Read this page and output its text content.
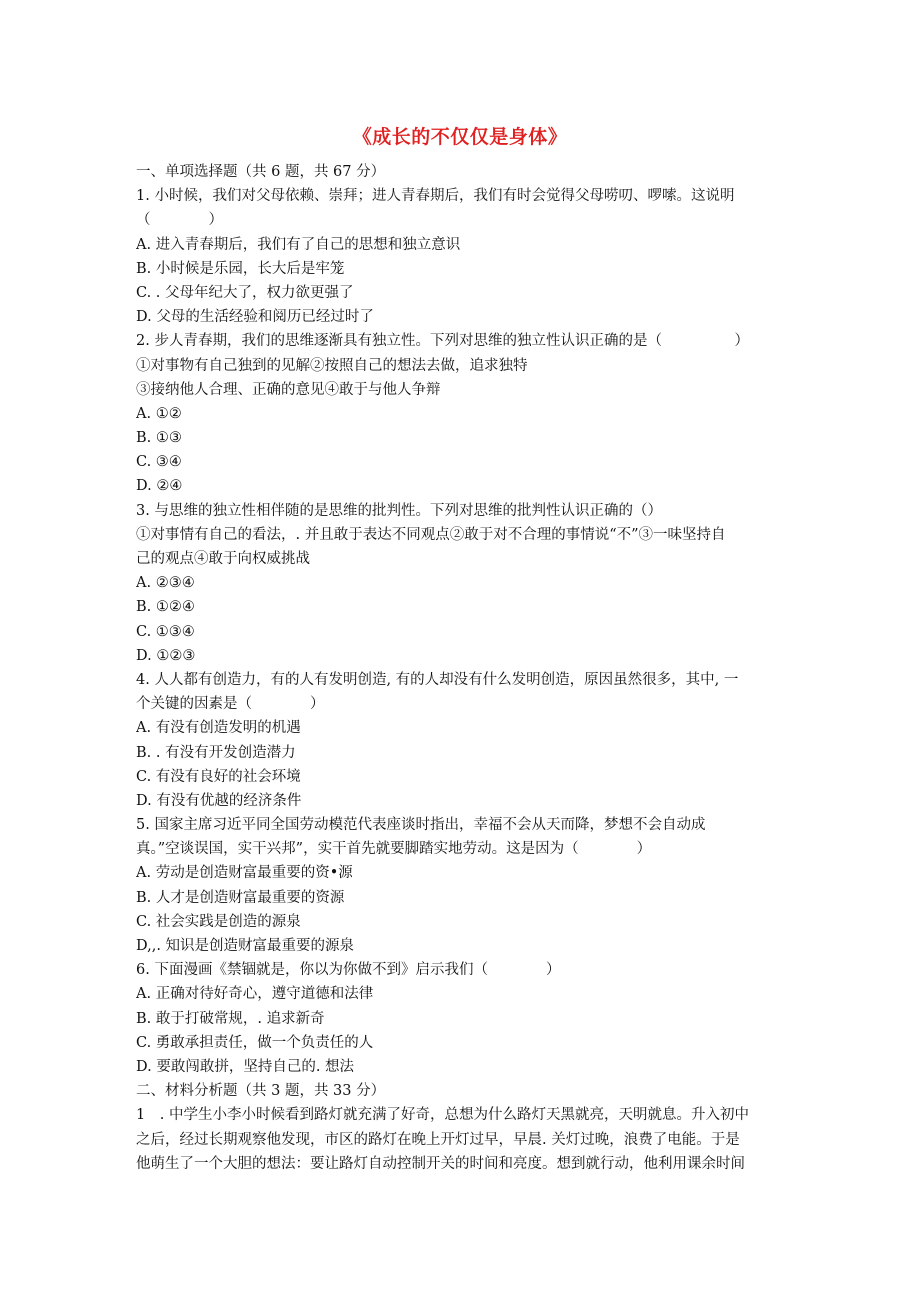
《成长的不仅仅是身体》
一、单项选择题（共 6 题，共 67 分）
1. 小时候，我们对父母依赖、崇拜；进人青春期后，我们有时会觉得父母唠叨、啰嗦。这说明
（　　　　）
A. 进入青春期后，我们有了自己的思想和独立意识
B. 小时候是乐园，长大后是牢笼
C. . 父母年纪大了，权力欲更强了
D. 父母的生活经验和阅历已经过时了
2. 步人青春期，我们的思维逐渐具有独立性。下列对思维的独立性认识正确的是（　　　　　）
①对事物有自己独到的见解②按照自己的想法去做，追求独特
③接纳他人合理、正确的意见④敢于与他人争辩
A. ①②
B. ①③
C. ③④
D. ②④
3. 与思维的独立性相伴随的是思维的批判性。下列对思维的批判性认识正确的（）
①对事情有自己的看法，. 并且敢于表达不同观点②敢于对不合理的事情说“不”③一味坚持自
己的观点④敢于向权威挑战
A. ②③④
B. ①②④
C. ①③④
D. ①②③
4. 人人都有创造力，有的人有发明创造, 有的人却没有什么发明创造，原因虽然很多，其中, 一
个关键的因素是（　　　　）
A. 有没有创造发明的机遇
B. . 有没有开发创造潜力
C. 有没有良好的社会环境
D. 有没有优越的经济条件
5. 国家主席习近平同全国劳动模范代表座谈时指出，幸福不会从天而降，梦想不会自动成
真。”空谈误国，实干兴邦”，实干首先就要脚踏实地劳动。这是因为（　　　　）
A. 劳动是创造财富最重要的资•源
B. 人才是创造财富最重要的资源
C. 社会实践是创造的源泉
D,,. 知识是创造财富最重要的源泉
6. 下面漫画《禁锢就是，你以为你做不到》启示我们（　　　　）
A. 正确对待好奇心，遵守道德和法律
B. 敢于打破常规，. 追求新奇
C. 勇敢承担责任，做一个负责任的人
D. 要敢闯敢拼，坚持自己的. 想法
二、材料分析题（共 3 题，共 33 分）
1　. 中学生小李小时候看到路灯就充满了好奇，总想为什么路灯天黑就亮，天明就息。升入初中
之后，经过长期观察他发现，市区的路灯在晚上开灯过早，早晨. 关灯过晚，浪费了电能。于是
他萌生了一个大胆的想法：要让路灯自动控制开关的时间和亮度。想到就行动，他利用课余时间
